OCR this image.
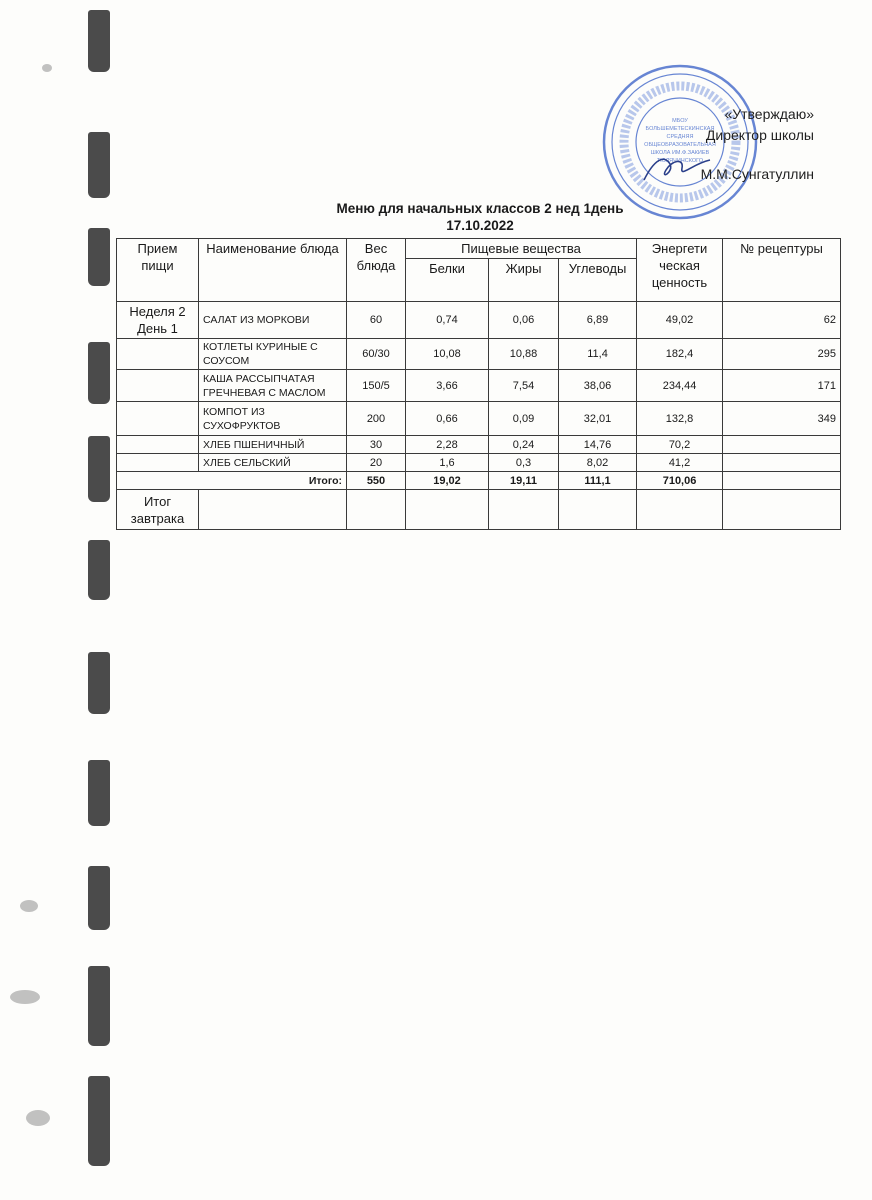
МБОУ
БОЛЬШЕМЕТЕСКИНСКАЯ
СРЕДНЯЯ
ОБЩЕОБРАЗОВАТЕЛЬНАЯ
ШКОЛА ИМ.Ф.ЗАКИЕВ
ТЮЛЯЧИНСКОГО
«Утверждаю»
Директор школы
М.М.Сунгатуллин
Меню для начальных классов 2 нед 1день
17.10.2022
Прием пищи	Наименование блюда	Вес блюда	Пищевые вещества			Энергети ческая ценность	№ рецептуры
			Белки	Жиры	Углеводы		
Неделя 2 День 1	САЛАТ ИЗ МОРКОВИ	60	0,74	0,06	6,89	49,02	62
	КОТЛЕТЫ КУРИНЫЕ С СОУСОМ	60/30	10,08	10,88	11,4	182,4	295
	КАША РАССЫПЧАТАЯ ГРЕЧНЕВАЯ С МАСЛОМ	150/5	3,66	7,54	38,06	234,44	171
	КОМПОТ ИЗ СУХОФРУКТОВ	200	0,66	0,09	32,01	132,8	349
	ХЛЕБ ПШЕНИЧНЫЙ	30	2,28	0,24	14,76	70,2	
	ХЛЕБ СЕЛЬСКИЙ	20	1,6	0,3	8,02	41,2	
Итого:		550	19,02	19,11	111,1	710,06	
Итог завтрака							
